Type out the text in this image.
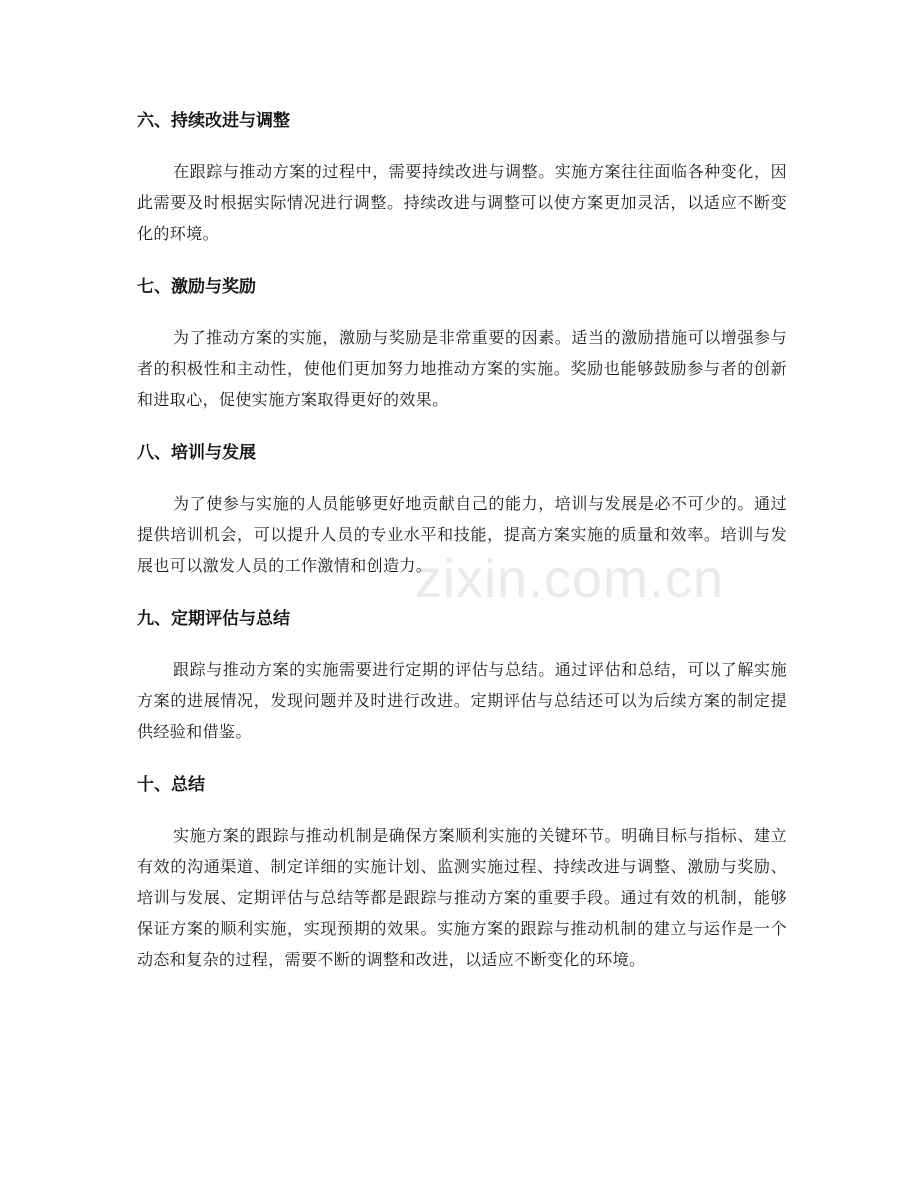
zixin.com.cn
六、持续改进与调整

在跟踪与推动方案的过程中，需要持续改进与调整。实施方案往往面临各种变化，因此需要及时根据实际情况进行调整。持续改进与调整可以使方案更加灵活，以适应不断变化的环境。

七、激励与奖励

为了推动方案的实施，激励与奖励是非常重要的因素。适当的激励措施可以增强参与者的积极性和主动性，使他们更加努力地推动方案的实施。奖励也能够鼓励参与者的创新和进取心，促使实施方案取得更好的效果。

八、培训与发展

为了使参与实施的人员能够更好地贡献自己的能力，培训与发展是必不可少的。通过提供培训机会，可以提升人员的专业水平和技能，提高方案实施的质量和效率。培训与发展也可以激发人员的工作激情和创造力。

九、定期评估与总结

跟踪与推动方案的实施需要进行定期的评估与总结。通过评估和总结，可以了解实施方案的进展情况，发现问题并及时进行改进。定期评估与总结还可以为后续方案的制定提供经验和借鉴。

十、总结

实施方案的跟踪与推动机制是确保方案顺利实施的关键环节。明确目标与指标、建立有效的沟通渠道、制定详细的实施计划、监测实施过程、持续改进与调整、激励与奖励、培训与发展、定期评估与总结等都是跟踪与推动方案的重要手段。通过有效的机制，能够保证方案的顺利实施，实现预期的效果。实施方案的跟踪与推动机制的建立与运作是一个动态和复杂的过程，需要不断的调整和改进，以适应不断变化的环境。
